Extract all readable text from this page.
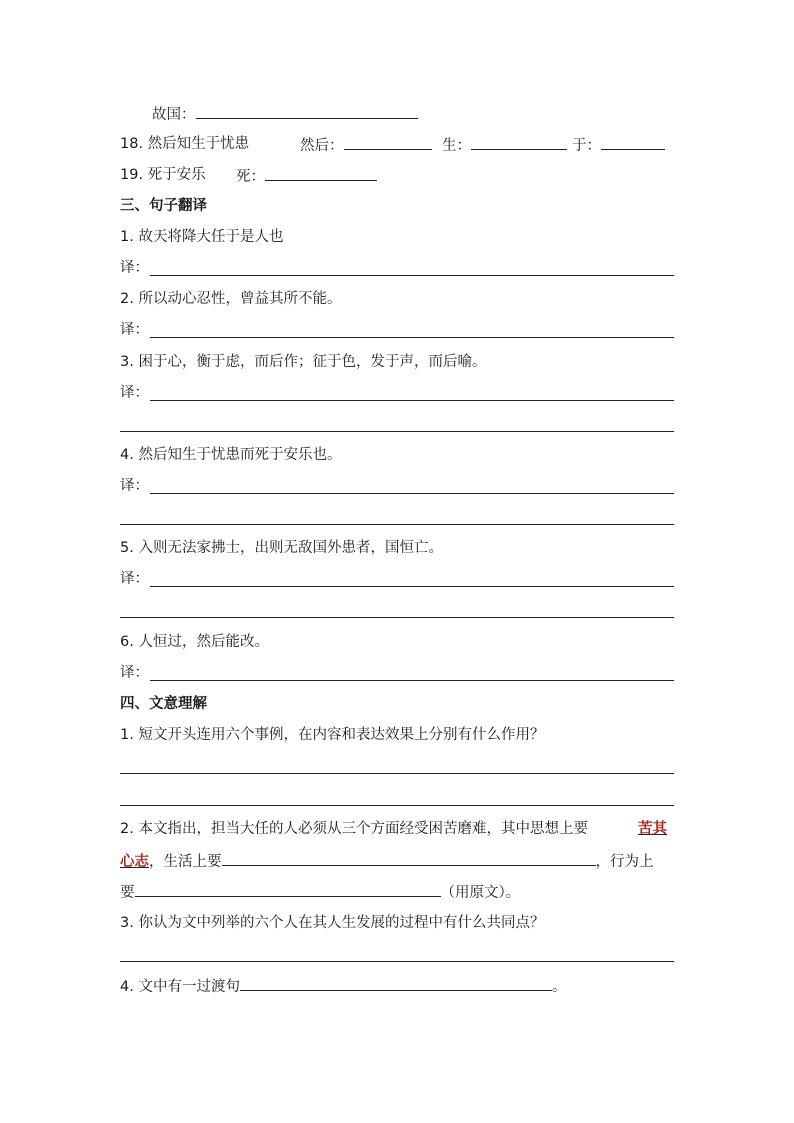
故国：
18. 然后知生于忧患	然后：	生：	于：
19. 死于安乐 死：
三、句子翻译
1. 故天将降大任于是人也
译：
2. 所以动心忍性，曾益其所不能。
译：
3. 困于心，衡于虑，而后作；征于色，发于声，而后喻。
译：
4. 然后知生于忧患而死于安乐也。
译：
5. 入则无法家拂士，出则无敌国外患者，国恒亡。
译：
6. 人恒过，然后能改。
译：
四、文意理解
1. 短文开头连用六个事例，在内容和表达效果上分别有什么作用？
2. 本文指出，担当大任的人必须从三个方面经受困苦磨难，其中思想上要	苦其
心志，生活上要	，行为上
要	（用原文）。
3. 你认为文中列举的六个人在其人生发展的过程中有什么共同点？
4. 文中有一过渡句	。
